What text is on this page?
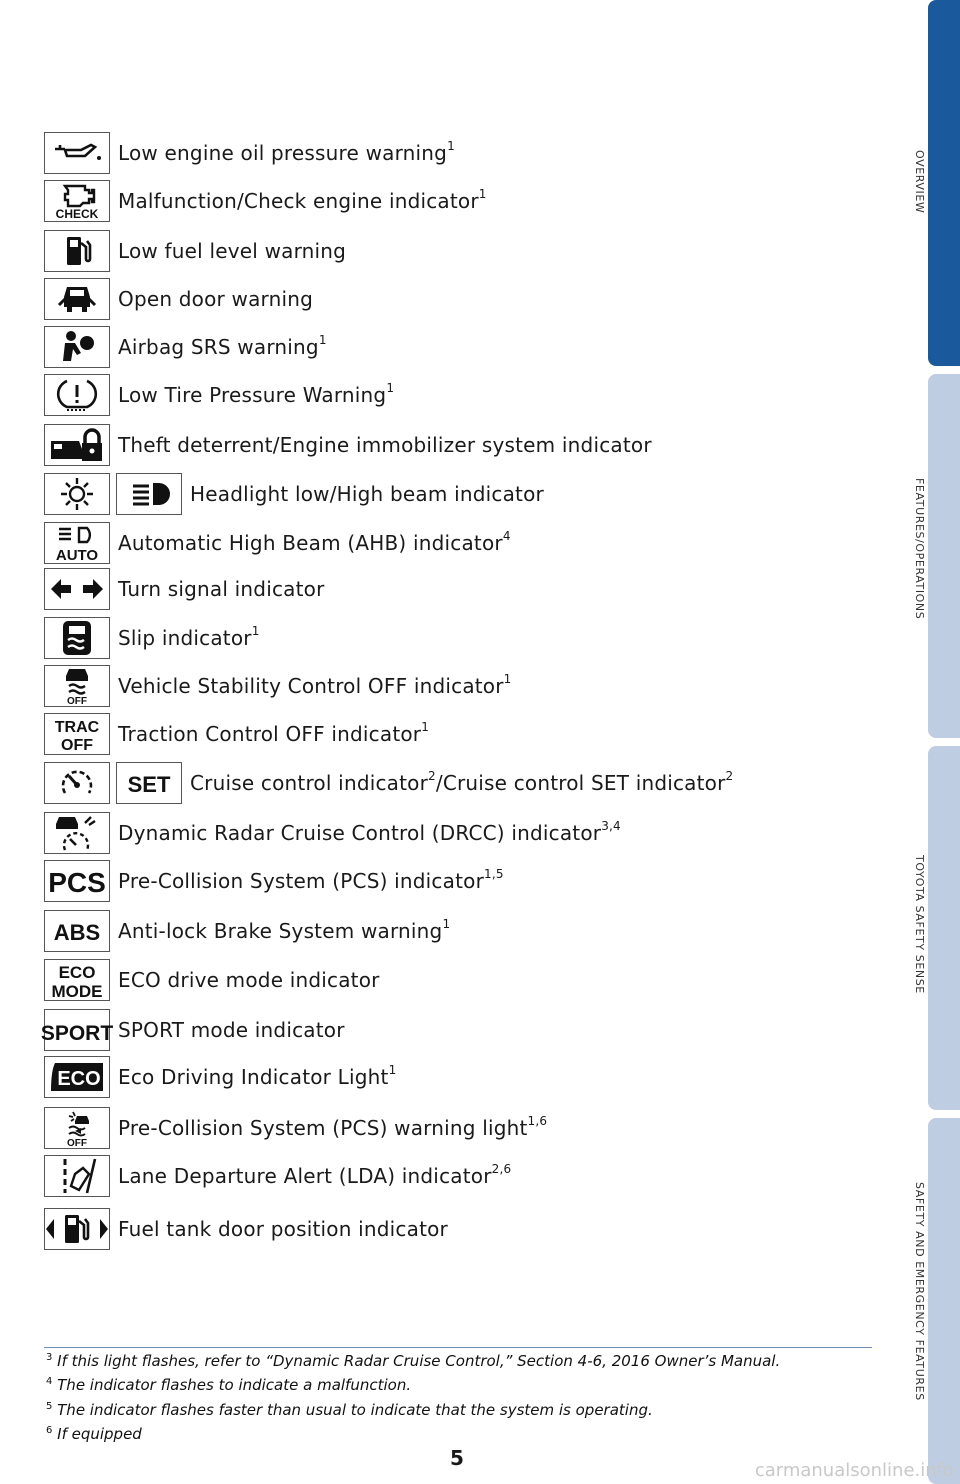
Low engine oil pressure warning$^1$
CHECK
Malfunction/Check engine indicator$^1$
Low fuel level warning
Open door warning
Airbag SRS warning$^1$
Low Tire Pressure Warning$^1$
Theft deterrent/Engine immobilizer system indicator
Headlight low/High beam indicator
AUTO
Automatic High Beam (AHB) indicator$^4$
Turn signal indicator
Slip indicator$^1$
OFF
Vehicle Stability Control OFF indicator$^1$
TRAC
OFF Traction Control OFF indicator$^1$
SET Cruise control indicator$^2$/Cruise control SET indicator$^2$
Dynamic Radar Cruise Control (DRCC) indicator$^{3,4}$
PCS Pre-Collision System (PCS) indicator$^{1,5}$
ABS Anti-lock Brake System warning$^1$
ECO
MODE ECO drive mode indicator
SPORT SPORT mode indicator
ECO Eco Driving Indicator Light$^1$
OFF
Pre-Collision System (PCS) warning light$^{1,6}$
Lane Departure Alert (LDA) indicator$^{2,6}$
Fuel tank door position indicator
OVERVIEW
FEATURES/OPERATIONS
TOYOTA SAFETY SENSE
SAFETY AND EMERGENCY FEATURES
$^3$ If this light flashes, refer to “Dynamic Radar Cruise Control,” Section 4-6, 2016 Owner’s Manual.
$^4$ The indicator flashes to indicate a malfunction.
$^5$ The indicator flashes faster than usual to indicate that the system is operating.
$^6$ If equipped
5
carmanualsonline.info
